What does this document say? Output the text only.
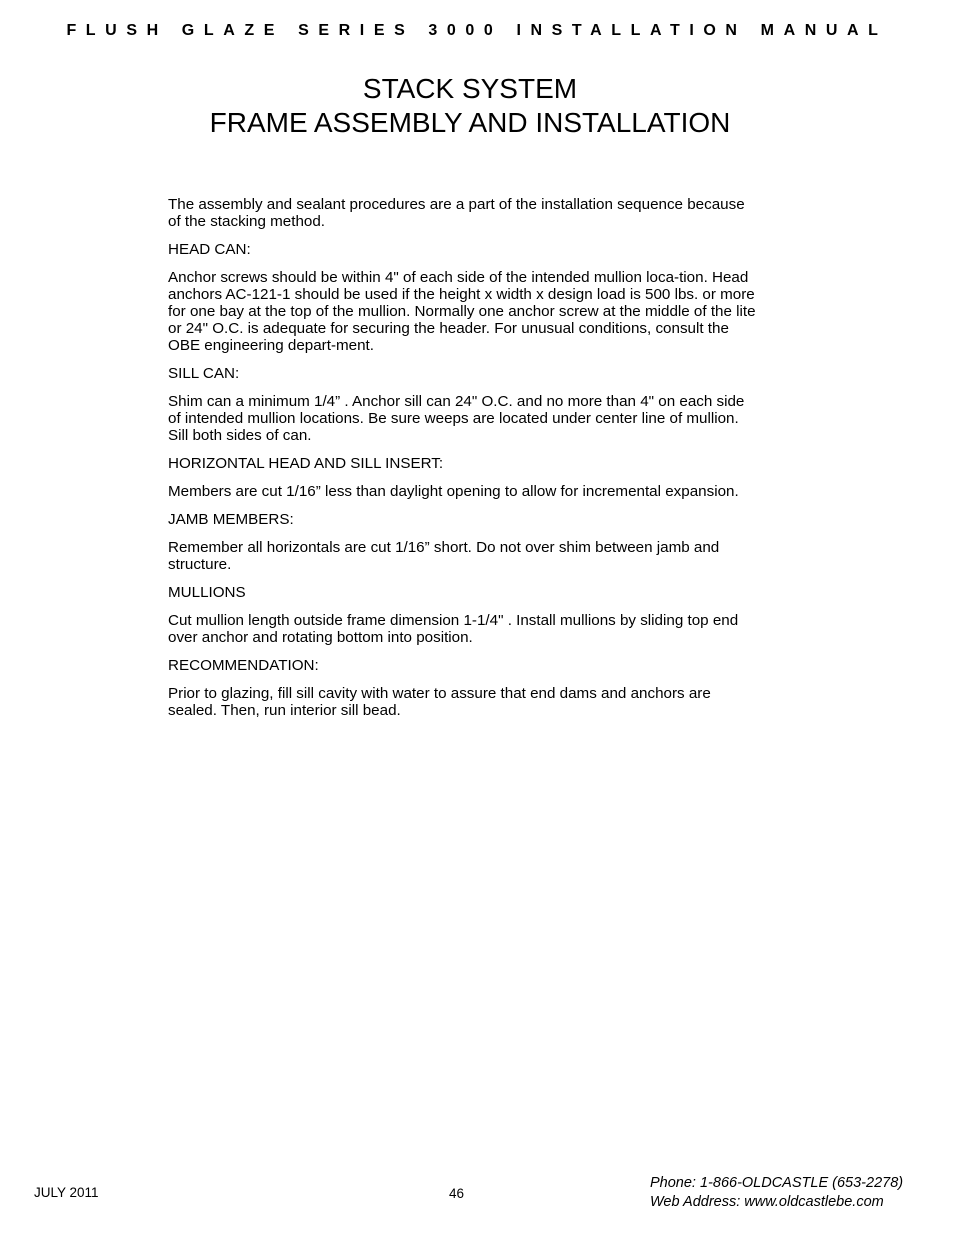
FLUSH GLAZE SERIES 3000 INSTALLATION MANUAL
STACK SYSTEM
FRAME ASSEMBLY AND INSTALLATION

The assembly and sealant procedures are a part of the installation sequence because of the stacking method.

HEAD CAN:

Anchor screws should be within 4" of each side of the intended mullion loca-tion. Head anchors AC-121-1 should be used if the height x width x design load is 500 lbs. or more for one bay at the top of the mullion. Normally one anchor screw at the middle of the lite or 24" O.C. is adequate for securing the header. For unusual conditions, consult the OBE engineering depart-ment.

SILL CAN:

Shim can a minimum 1/4” . Anchor sill can 24" O.C. and no more than 4" on each side of intended mullion locations. Be sure weeps are located under center line of mullion. Sill both sides of can.

HORIZONTAL HEAD AND SILL INSERT:

Members are cut 1/16” less than daylight opening to allow for incremental expansion.

JAMB MEMBERS:

Remember all horizontals are cut 1/16” short. Do not over shim between jamb and structure.

MULLIONS

Cut mullion length outside frame dimension 1-1/4" . Install mullions by sliding top end over anchor and rotating bottom into position.

RECOMMENDATION:

Prior to glazing, fill sill cavity with water to assure that end dams and anchors are sealed. Then, run interior sill bead.

JULY 2011	46
Phone: 1-866-OLDCASTLE (653-2278)
Web Address: www.oldcastlebe.com
